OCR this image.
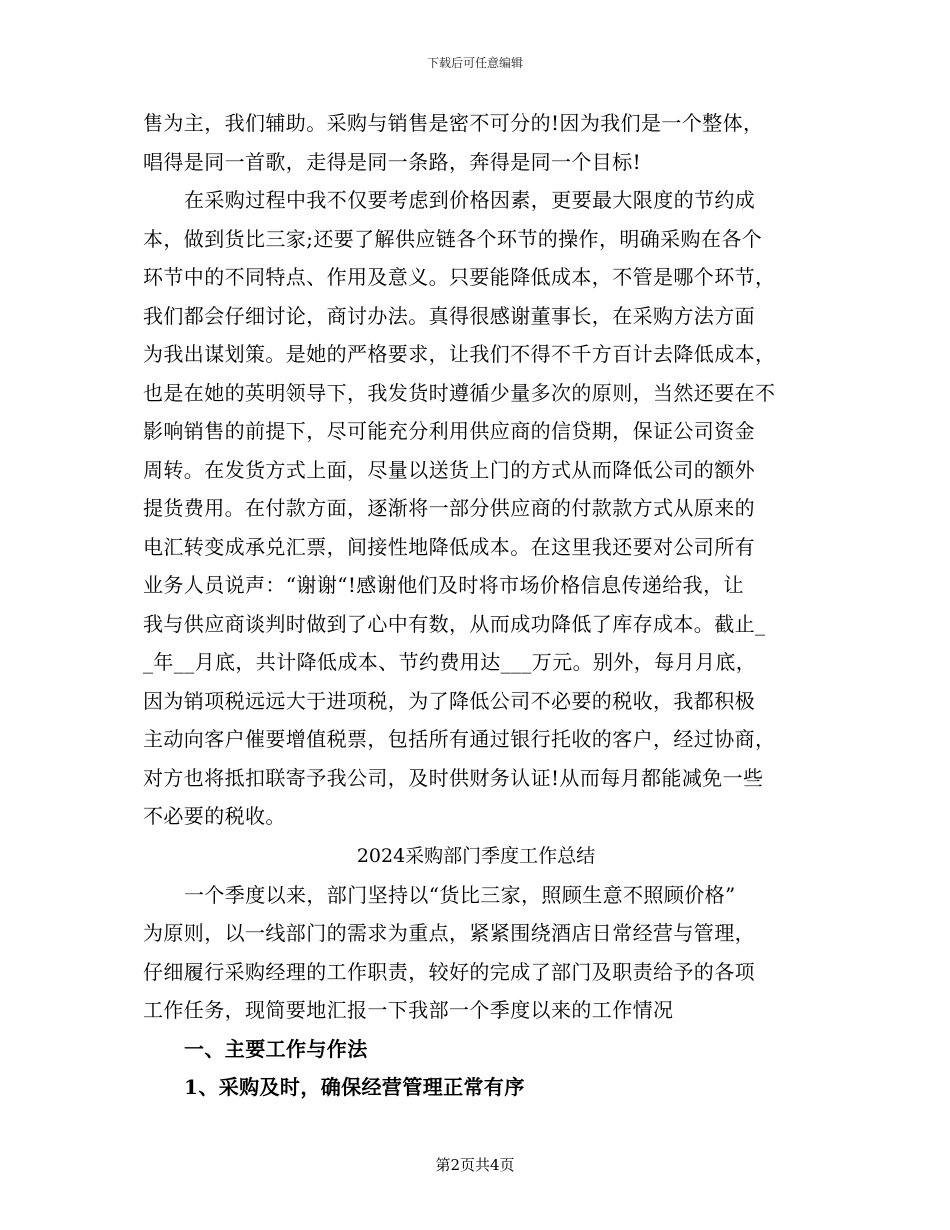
下载后可任意编辑
售为主，我们辅助。采购与销售是密不可分的!因为我们是一个整体，
唱得是同一首歌，走得是同一条路，奔得是同一个目标!
在采购过程中我不仅要考虑到价格因素，更要最大限度的节约成
本，做到货比三家;还要了解供应链各个环节的操作，明确采购在各个
环节中的不同特点、作用及意义。只要能降低成本，不管是哪个环节，
我们都会仔细讨论，商讨办法。真得很感谢董事长，在采购方法方面
为我出谋划策。是她的严格要求，让我们不得不千方百计去降低成本，
也是在她的英明领导下，我发货时遵循少量多次的原则，当然还要在不
影响销售的前提下，尽可能充分利用供应商的信贷期，保证公司资金
周转。在发货方式上面，尽量以送货上门的方式从而降低公司的额外
提货费用。在付款方面，逐渐将一部分供应商的付款款方式从原来的
电汇转变成承兑汇票，间接性地降低成本。在这里我还要对公司所有
业务人员说声：“谢谢“!感谢他们及时将市场价格信息传递给我，让
我与供应商谈判时做到了心中有数，从而成功降低了库存成本。截止_
_年__月底，共计降低成本、节约费用达___万元。别外，每月月底，
因为销项税远远大于进项税，为了降低公司不必要的税收，我都积极
主动向客户催要增值税票，包括所有通过银行托收的客户，经过协商，
对方也将抵扣联寄予我公司，及时供财务认证!从而每月都能减免一些
不必要的税收。
2024采购部门季度工作总结
一个季度以来，部门坚持以“货比三家，照顾生意不照顾价格”
为原则，以一线部门的需求为重点，紧紧围绕酒店日常经营与管理，
仔细履行采购经理的工作职责，较好的完成了部门及职责给予的各项
工作任务，现简要地汇报一下我部一个季度以来的工作情况
一、主要工作与作法
1、采购及时，确保经营管理正常有序
第2页共4页
